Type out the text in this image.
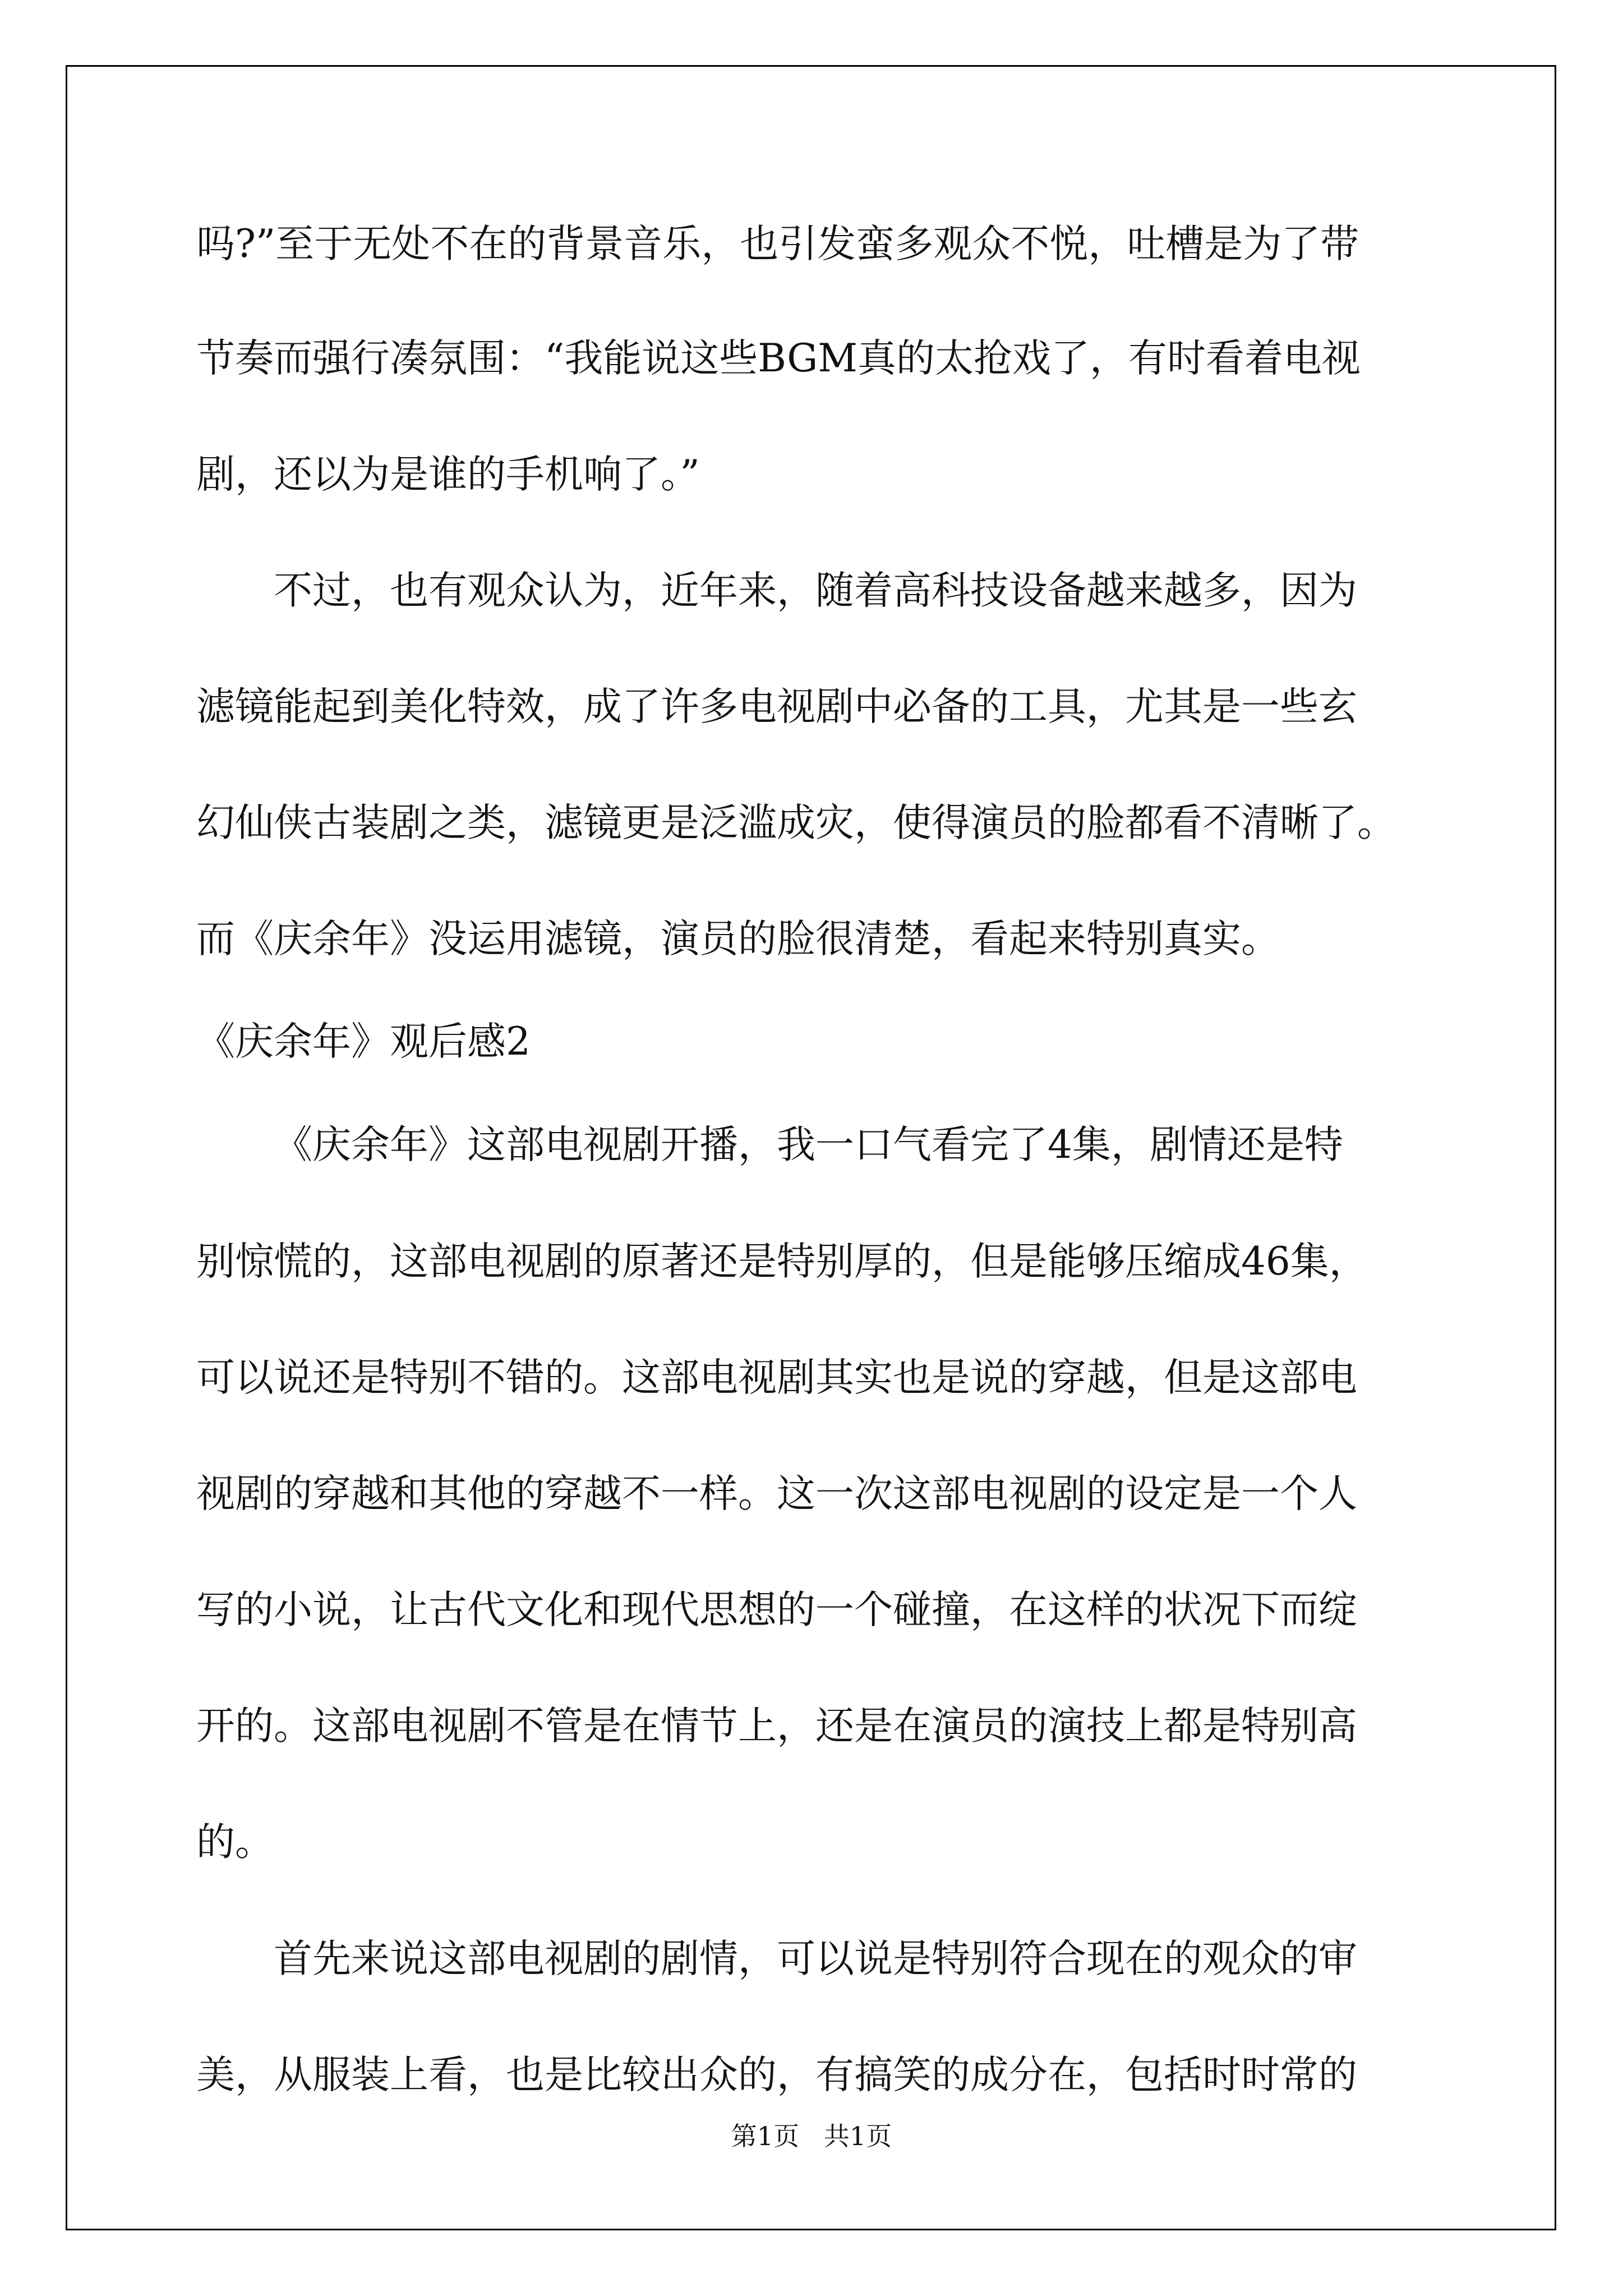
吗?”至于无处不在的背景音乐，也引发蛮多观众不悦，吐槽是为了带
节奏而强行凑氛围：“我能说这些BGM真的太抢戏了，有时看着电视
剧，还以为是谁的手机响了。”
不过，也有观众认为，近年来，随着高科技设备越来越多，因为
滤镜能起到美化特效，成了许多电视剧中必备的工具，尤其是一些玄
幻仙侠古装剧之类，滤镜更是泛滥成灾，使得演员的脸都看不清晰了。
而《庆余年》没运用滤镜，演员的脸很清楚，看起来特别真实。
《庆余年》观后感2
《庆余年》这部电视剧开播，我一口气看完了4集，剧情还是特
别惊慌的，这部电视剧的原著还是特别厚的，但是能够压缩成46集，
可以说还是特别不错的。这部电视剧其实也是说的穿越，但是这部电
视剧的穿越和其他的穿越不一样。这一次这部电视剧的设定是一个人
写的小说，让古代文化和现代思想的一个碰撞，在这样的状况下而绽
开的。这部电视剧不管是在情节上，还是在演员的演技上都是特别高
的。
首先来说这部电视剧的剧情，可以说是特别符合现在的观众的审
美，从服装上看，也是比较出众的，有搞笑的成分在，包括时时常的
第1页   共1页
